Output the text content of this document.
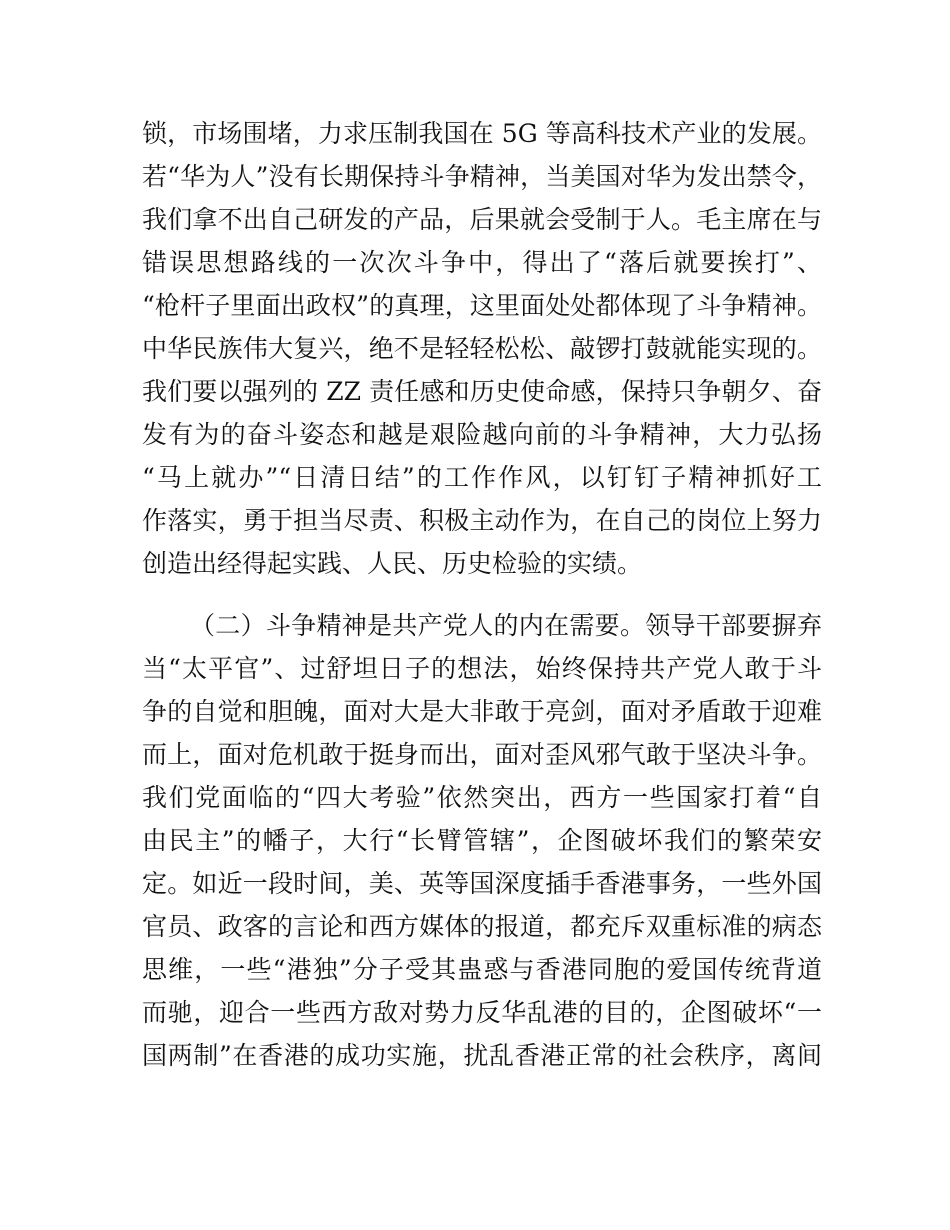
锁，市场围堵，力求压制我国在 5G 等高科技术产业的发展。
若“华为人”没有长期保持斗争精神，当美国对华为发出禁令，
我们拿不出自己研发的产品，后果就会受制于人。毛主席在与
错误思想路线的一次次斗争中，得出了“落后就要挨打”、
“枪杆子里面出政权”的真理，这里面处处都体现了斗争精神。
中华民族伟大复兴，绝不是轻轻松松、敲锣打鼓就能实现的。
我们要以强列的 ZZ 责任感和历史使命感，保持只争朝夕、奋
发有为的奋斗姿态和越是艰险越向前的斗争精神，大力弘扬
“马上就办”“日清日结”的工作作风，以钉钉子精神抓好工
作落实，勇于担当尽责、积极主动作为，在自己的岗位上努力
创造出经得起实践、人民、历史检验的实绩。
（二）斗争精神是共产党人的内在需要。领导干部要摒弃
当“太平官”、过舒坦日子的想法，始终保持共产党人敢于斗
争的自觉和胆魄，面对大是大非敢于亮剑，面对矛盾敢于迎难
而上，面对危机敢于挺身而出，面对歪风邪气敢于坚决斗争。
我们党面临的“四大考验”依然突出，西方一些国家打着“自
由民主”的幡子，大行“长臂管辖”，企图破坏我们的繁荣安
定。如近一段时间，美、英等国深度插手香港事务，一些外国
官员、政客的言论和西方媒体的报道，都充斥双重标准的病态
思维，一些“港独”分子受其蛊惑与香港同胞的爱国传统背道
而驰，迎合一些西方敌对势力反华乱港的目的，企图破坏“一
国两制”在香港的成功实施，扰乱香港正常的社会秩序，离间
